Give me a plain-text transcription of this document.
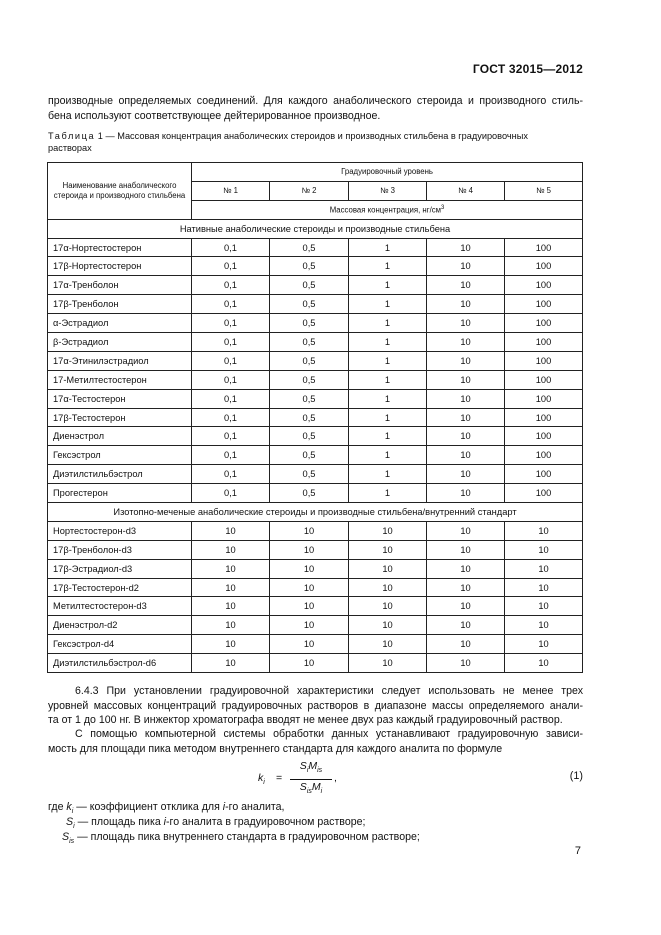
ГОСТ 32015—2012
производные определяемых соединений. Для каждого анаболического стероида и производного стиль-
бена используют соответствующее дейтерированное производное.
Таблица 1 — Массовая концентрация анаболических стероидов и производных стильбена в градуировочных
растворах
Наименование анаболического стероида и производного стильбена	Градуировочный уровень				
	№ 1	№ 2	№ 3	№ 4	№ 5
	Массовая концентрация, $нг/см^3$
Нативные анаболические стероиды и производные стильбена					
17α-Нортестостерон	0,1	0,5	1	10	100
17β-Нортестостерон	0,1	0,5	1	10	100
17α-Тренболон	0,1	0,5	1	10	100
17β-Тренболон	0,1	0,5	1	10	100
α-Эстрадиол	0,1	0,5	1	10	100
β-Эстрадиол	0,1	0,5	1	10	100
17α-Этинилэстрадиол	0,1	0,5	1	10	100
17-Метилтестостерон	0,1	0,5	1	10	100
17α-Тестостерон	0,1	0,5	1	10	100
17β-Тестостерон	0,1	0,5	1	10	100
Диенэстрол	0,1	0,5	1	10	100
Гексэстрол	0,1	0,5	1	10	100
Диэтилстильбэстрол	0,1	0,5	1	10	100
Прогестерон	0,1	0,5	1	10	100
Изотопно-меченые анаболические стероиды и производные стильбена/внутренний стандарт					
Нортестостерон-d3	10	10	10	10	10
17β-Тренболон-d3	10	10	10	10	10
17β-Эстрадиол-d3	10	10	10	10	10
17β-Тестостерон-d2	10	10	10	10	10
Метилтестостерон-d3	10	10	10	10	10
Диенэстрол-d2	10	10	10	10	10
Гексэстрол-d4	10	10	10	10	10
Диэтилстильбэстрол-d6	10	10	10	10	10
6.4.3 При установлении градуировочной характеристики следует использовать не менее трех
уровней массовых концентраций градуировочных растворов в диапазоне массы определяемого анали-
та от 1 до 100 нг. В инжектор хроматографа вводят не менее двух раз каждый градуировочный раствор.
С помощью компьютерной системы обработки данных устанавливают градуировочную зависи-
мость для площади пика методом внутреннего стандарта для каждого аналита по формуле
$k_i$ =
$S_iM_{is}$
$S_{is}M_i$
,	(1)
где $k_i$ — коэффициент отклика для i-го аналита,
$S_i$ — площадь пика i-го аналита в градуировочном растворе;
$S_{is}$ — площадь пика внутреннего стандарта в градуировочном растворе;
7
